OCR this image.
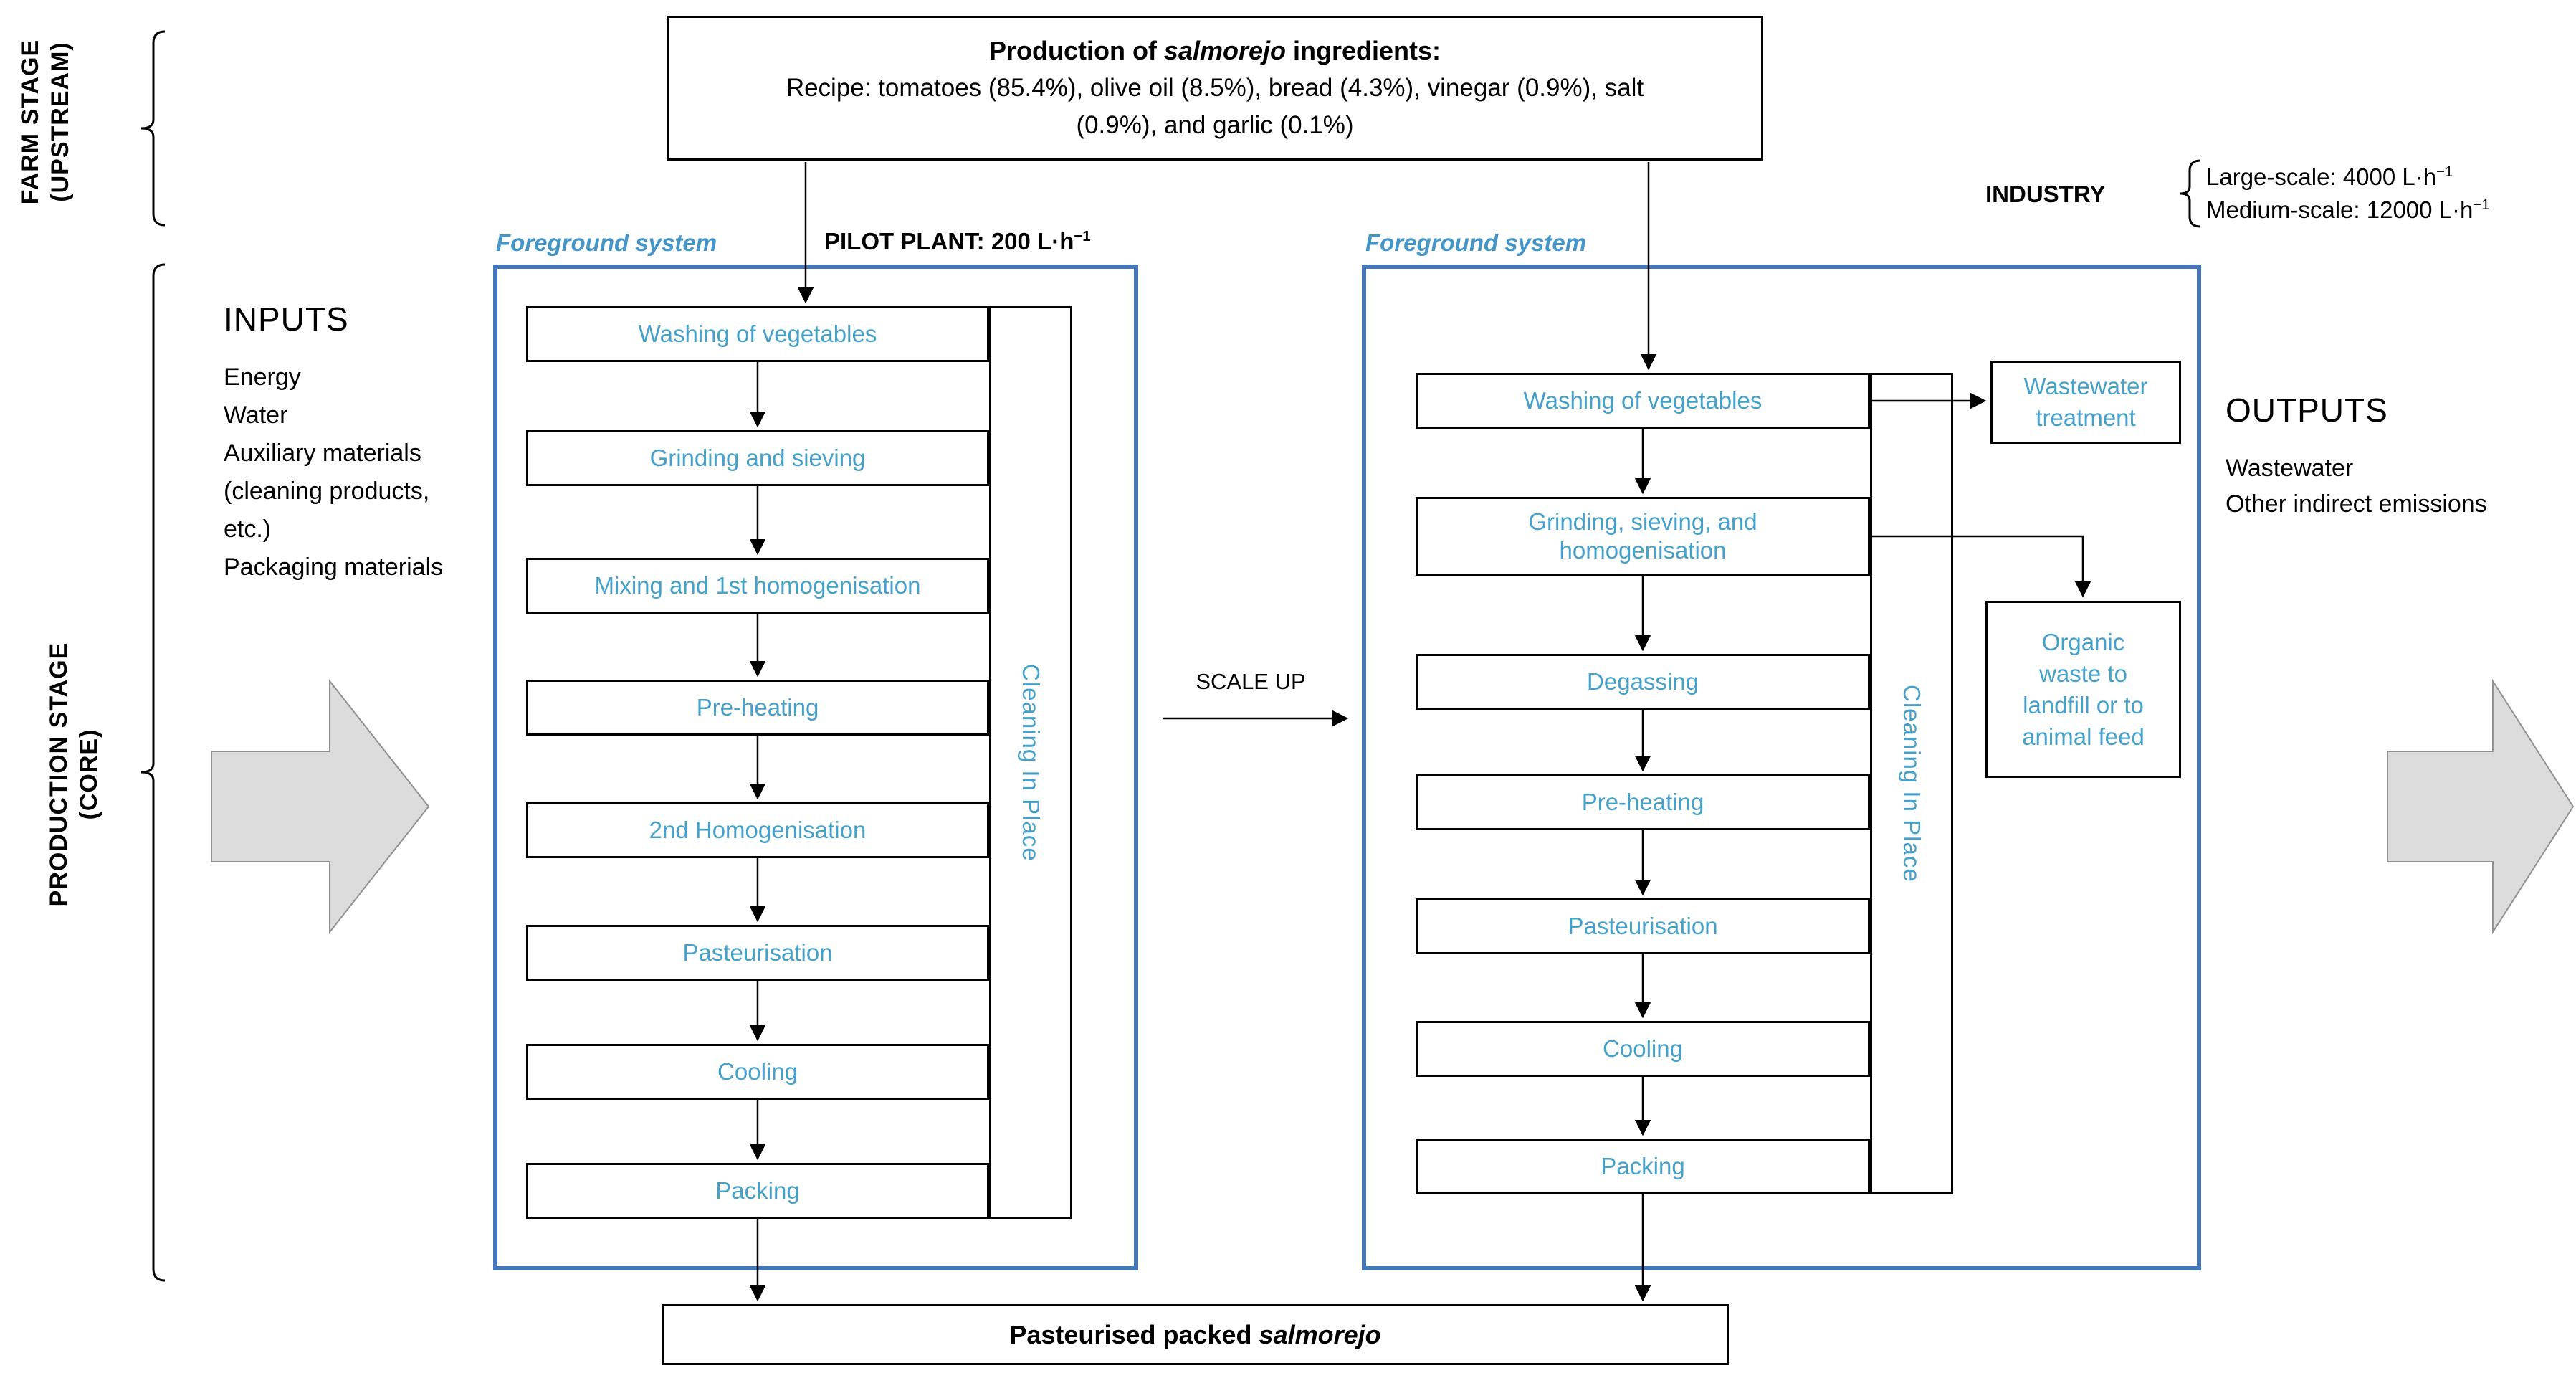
FARM STAGE (UPSTREAM)
PRODUCTION STAGE (CORE)
Production of salmorejo ingredients:
Recipe: tomatoes (85.4%), olive oil (8.5%), bread (4.3%), vinegar (0.9%), salt
(0.9%), and garlic (0.1%)
INPUTS
Energy
Water
Auxiliary materials (cleaning products, etc.)
Packaging materials
OUTPUTS
Wastewater
Other indirect emissions
Foreground system	PILOT PLANT: 200 $L\cdot h^{-1}$	Foreground system
INDUSTRY
Large-scale: 4000 $L\cdot h^{-1}$
Medium-scale: 12000 $L\cdot h^{-1}$
SCALE UP
Washing of vegetables
Grinding and sieving
Mixing and 1st homogenisation
Pre-heating
2nd Homogenisation
Pasteurisation
Cooling
Packing
Cleaning In Place
Washing of vegetables
Grinding, sieving, and homogenisation
Degassing
Pre-heating
Pasteurisation
Cooling
Packing
Cleaning In Place
Wastewater
treatment
Organic
waste to
landfill or to
animal feed
Pasteurised packed salmorejo
